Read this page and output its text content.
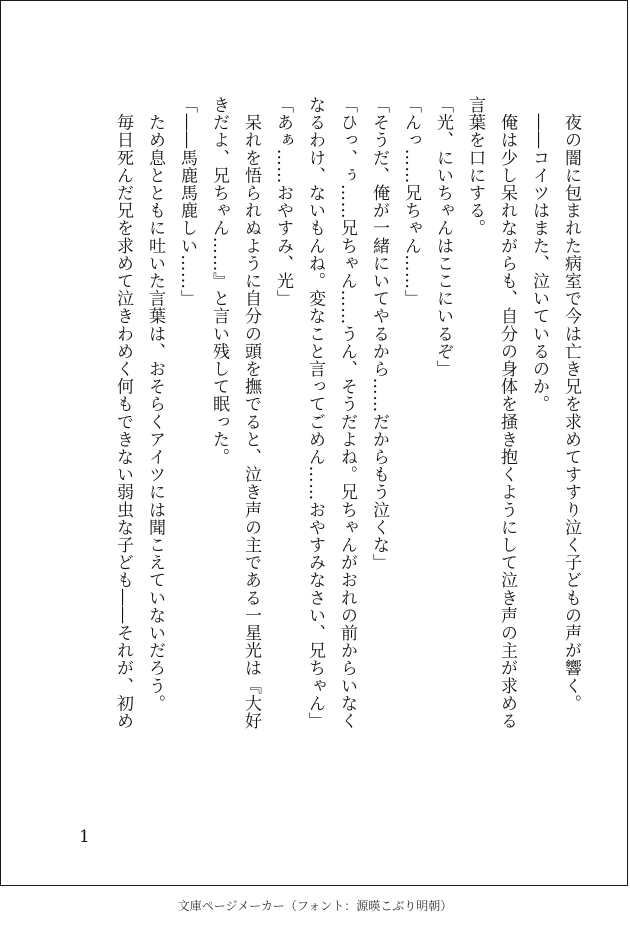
　夜の闇に包まれた病室で今は亡き兄を求めてすすり泣く子どもの声が響く。
　――コイツはまた、泣いているのか。
　俺は少し呆れながらも、自分の身体を掻き抱くようにして泣き声の主が求める
言葉を口にする。
「光、にいちゃんはここにいるぞ」
「んっ……兄ちゃん……」
「そうだ、俺が一緒にいてやるから……だからもう泣くな」
「ひっ、ぅ……兄ちゃん……うん、そうだよね。兄ちゃんがおれの前からいなく
なるわけ、ないもんね。変なこと言ってごめん……おやすみなさい、兄ちゃん」
「あぁ……おやすみ、光」
　呆れを悟られぬように自分の頭を撫でると、泣き声の主である一星光は『大好
きだよ、兄ちゃん……』と言い残して眠った。
「――馬鹿馬鹿しい……」
　ため息とともに吐いた言葉は、おそらくアイツには聞こえていないだろう。
　毎日死んだ兄を求めて泣きわめく何もできない弱虫な子ども――それが、初め
1
文庫ページメーカー（フォント：源暎こぶり明朝）
